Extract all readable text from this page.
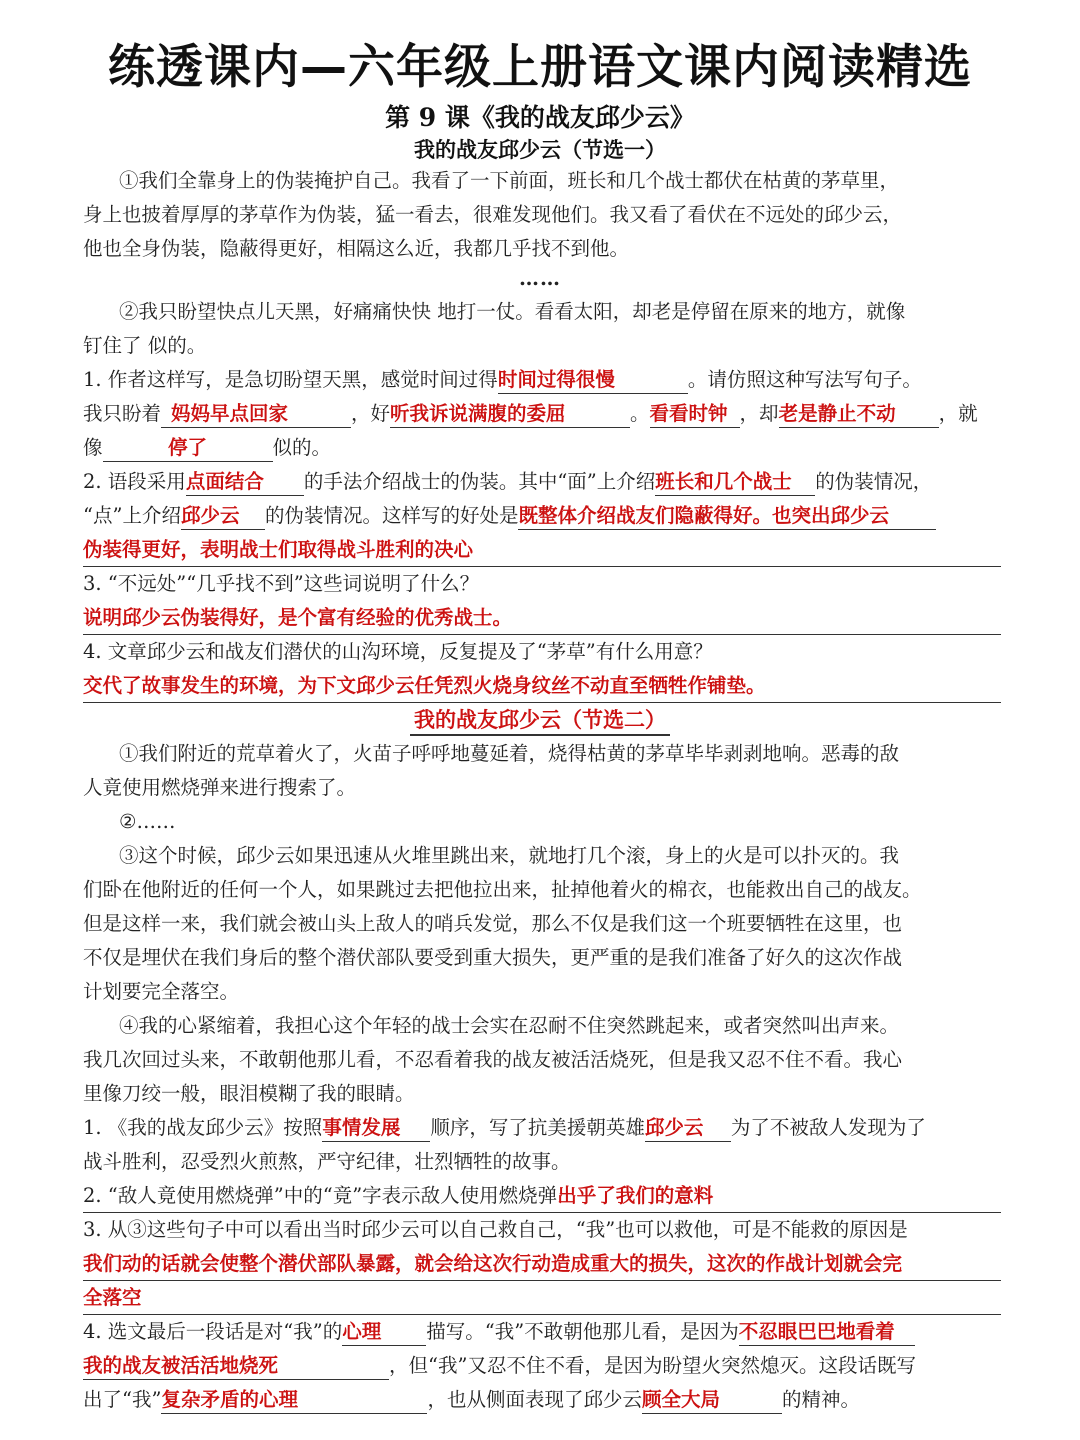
练透课内—六年级上册语文课内阅读精选
第 9 课《我的战友邱少云》
我的战友邱少云（节选一）
①我们全靠身上的伪装掩护自己。我看了一下前面，班长和几个战士都伏在枯黄的茅草里，
身上也披着厚厚的茅草作为伪装，猛一看去，很难发现他们。我又看了看伏在不远处的邱少云，
他也全身伪装，隐蔽得更好，相隔这么近，我都几乎找不到他。
……
②我只盼望快点儿天黑，好痛痛快快 地打一仗。看看太阳，却老是停留在原来的地方，就像
钉住了 似的。
1. 作者这样写，是急切盼望天黑，感觉时间过得时间过得很慢	。请仿照这种写法写句子。
我只盼着 妈妈早点回家	，好听我诉说满腹的委屈	。看看时钟 ，却老是静止不动 ，就
像	停了	似的。
2. 语段采用点面结合 的手法介绍战士的伪装。其中“面”上介绍班长和几个战士 的伪装情况，
“点”上介绍邱少云 的伪装情况。这样写的好处是既整体介绍战友们隐蔽得好。也突出邱少云
伪装得更好，表明战士们取得战斗胜利的决心
3. “不远处”“几乎找不到”这些词说明了什么？
说明邱少云伪装得好，是个富有经验的优秀战士。
4. 文章邱少云和战友们潜伏的山沟环境，反复提及了“茅草”有什么用意？
交代了故事发生的环境，为下文邱少云任凭烈火烧身纹丝不动直至牺牲作铺垫。
我的战友邱少云（节选二）
①我们附近的荒草着火了，火苗子呼呼地蔓延着，烧得枯黄的茅草毕毕剥剥地响。恶毒的敌
人竟使用燃烧弹来进行搜索了。
②……
③这个时候，邱少云如果迅速从火堆里跳出来，就地打几个滚，身上的火是可以扑灭的。我
们卧在他附近的任何一个人，如果跳过去把他拉出来，扯掉他着火的棉衣，也能救出自己的战友。
但是这样一来，我们就会被山头上敌人的哨兵发觉，那么不仅是我们这一个班要牺牲在这里，也
不仅是埋伏在我们身后的整个潜伏部队要受到重大损失，更严重的是我们准备了好久的这次作战
计划要完全落空。
④我的心紧缩着，我担心这个年轻的战士会实在忍耐不住突然跳起来，或者突然叫出声来。
我几次回过头来，不敢朝他那儿看，不忍看着我的战友被活活烧死，但是我又忍不住不看。我心
里像刀绞一般，眼泪模糊了我的眼睛。
1. 《我的战友邱少云》按照事情发展 顺序，写了抗美援朝英雄邱少云 为了不被敌人发现为了
战斗胜利，忍受烈火煎熬，严守纪律，壮烈牺牲的故事。
2. “敌人竟使用燃烧弹”中的“竟”字表示敌人使用燃烧弹出乎了我们的意料
3. 从③这些句子中可以看出当时邱少云可以自己救自己，“我”也可以救他，可是不能救的原因是
我们动的话就会使整个潜伏部队暴露，就会给这次行动造成重大的损失，这次的作战计划就会完
全落空
4. 选文最后一段话是对“我”的心理 描写。“我”不敢朝他那儿看，是因为不忍眼巴巴地看着
我的战友被活活地烧死	，但“我”又忍不住不看，是因为盼望火突然熄灭。这段话既写
出了“我”复杂矛盾的心理	，也从侧面表现了邱少云顾全大局	的精神。
